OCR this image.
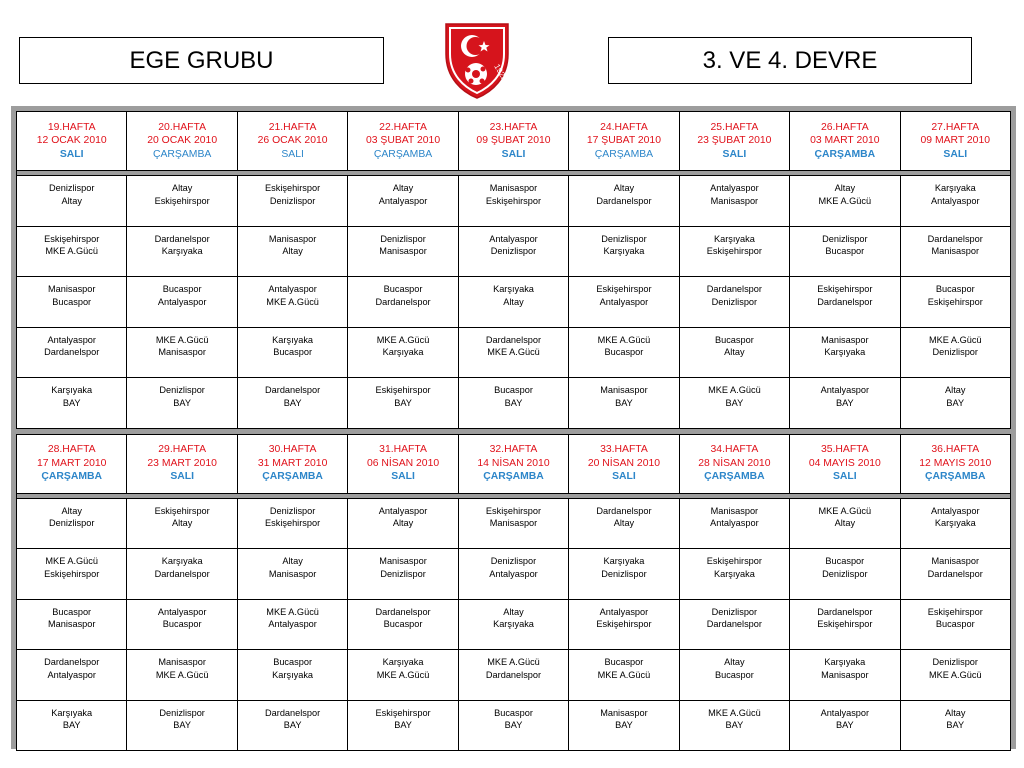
EGE GRUBU	1923	3. VE 4. DEVRE
19.HAFTA
12 OCAK 2010
SALI
20.HAFTA
20 OCAK 2010
ÇARŞAMBA
21.HAFTA
26 OCAK 2010
SALI
22.HAFTA
03 ŞUBAT 2010
ÇARŞAMBA
23.HAFTA
09 ŞUBAT 2010
SALI
24.HAFTA
17 ŞUBAT 2010
ÇARŞAMBA
25.HAFTA
23 ŞUBAT 2010
SALI
26.HAFTA
03 MART 2010
ÇARŞAMBA
27.HAFTA
09 MART 2010
SALI
Denizlispor
Altay
Altay
Eskişehirspor
Eskişehirspor
Denizlispor
Altay
Antalyaspor
Manisaspor
Eskişehirspor
Altay
Dardanelspor
Antalyaspor
Manisaspor
Altay
MKE A.Gücü
Karşıyaka
Antalyaspor
Eskişehirspor
MKE A.Gücü
Dardanelspor
Karşıyaka
Manisaspor
Altay
Denizlispor
Manisaspor
Antalyaspor
Denizlispor
Denizlispor
Karşıyaka
Karşıyaka
Eskişehirspor
Denizlispor
Bucaspor
Dardanelspor
Manisaspor
Manisaspor
Bucaspor
Bucaspor
Antalyaspor
Antalyaspor
MKE A.Gücü
Bucaspor
Dardanelspor
Karşıyaka
Altay
Eskişehirspor
Antalyaspor
Dardanelspor
Denizlispor
Eskişehirspor
Dardanelspor
Bucaspor
Eskişehirspor
Antalyaspor
Dardanelspor
MKE A.Gücü
Manisaspor
Karşıyaka
Bucaspor
MKE A.Gücü
Karşıyaka
Dardanelspor
MKE A.Gücü
MKE A.Gücü
Bucaspor
Bucaspor
Altay
Manisaspor
Karşıyaka
MKE A.Gücü
Denizlispor
Karşıyaka
BAY
Denizlispor
BAY
Dardanelspor
BAY
Eskişehirspor
BAY
Bucaspor
BAY
Manisaspor
BAY
MKE A.Gücü
BAY
Antalyaspor
BAY
Altay
BAY
28.HAFTA
17 MART 2010
ÇARŞAMBA
29.HAFTA
23 MART 2010
SALI
30.HAFTA
31 MART 2010
ÇARŞAMBA
31.HAFTA
06 NİSAN 2010
SALI
32.HAFTA
14 NİSAN 2010
ÇARŞAMBA
33.HAFTA
20 NİSAN 2010
SALI
34.HAFTA
28 NİSAN 2010
ÇARŞAMBA
35.HAFTA
04 MAYIS 2010
SALI
36.HAFTA
12 MAYIS 2010
ÇARŞAMBA
Altay
Denizlispor
Eskişehirspor
Altay
Denizlispor
Eskişehirspor
Antalyaspor
Altay
Eskişehirspor
Manisaspor
Dardanelspor
Altay
Manisaspor
Antalyaspor
MKE A.Gücü
Altay
Antalyaspor
Karşıyaka
MKE A.Gücü
Eskişehirspor
Karşıyaka
Dardanelspor
Altay
Manisaspor
Manisaspor
Denizlispor
Denizlispor
Antalyaspor
Karşıyaka
Denizlispor
Eskişehirspor
Karşıyaka
Bucaspor
Denizlispor
Manisaspor
Dardanelspor
Bucaspor
Manisaspor
Antalyaspor
Bucaspor
MKE A.Gücü
Antalyaspor
Dardanelspor
Bucaspor
Altay
Karşıyaka
Antalyaspor
Eskişehirspor
Denizlispor
Dardanelspor
Dardanelspor
Eskişehirspor
Eskişehirspor
Bucaspor
Dardanelspor
Antalyaspor
Manisaspor
MKE A.Gücü
Bucaspor
Karşıyaka
Karşıyaka
MKE A.Gücü
MKE A.Gücü
Dardanelspor
Bucaspor
MKE A.Gücü
Altay
Bucaspor
Karşıyaka
Manisaspor
Denizlispor
MKE A.Gücü
Karşıyaka
BAY
Denizlispor
BAY
Dardanelspor
BAY
Eskişehirspor
BAY
Bucaspor
BAY
Manisaspor
BAY
MKE A.Gücü
BAY
Antalyaspor
BAY
Altay
BAY
